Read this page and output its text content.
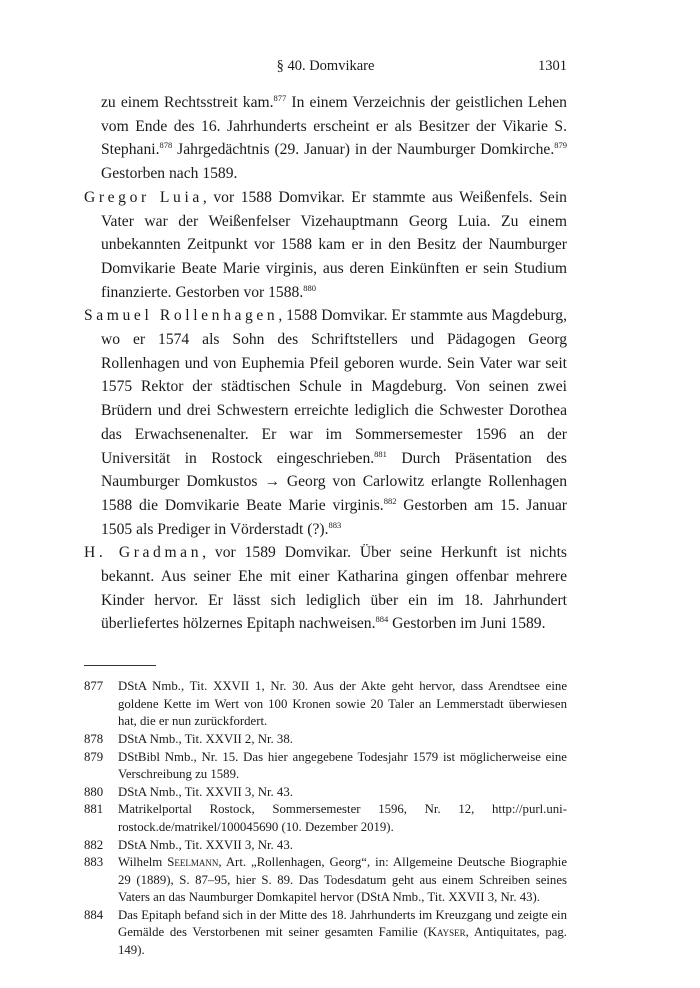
§ 40. Domvikare	1301

zu einem Rechtsstreit kam.$^{877}$ In einem Verzeichnis der geistlichen Lehen vom Ende des 16. Jahrhunderts erscheint er als Besitzer der Vikarie S. Stephani.$^{878}$ Jahrgedächtnis (29. Januar) in der Naumburger Domkirche.$^{879}$ Gestorben nach 1589.

Gregor Luia, vor 1588 Domvikar. Er stammte aus Weißenfels. Sein Vater war der Weißenfelser Vizehauptmann Georg Luia. Zu einem unbekannten Zeitpunkt vor 1588 kam er in den Besitz der Naumburger Domvikarie Beate Marie virginis, aus deren Einkünften er sein Studium finanzierte. Gestorben vor 1588.$^{880}$

Samuel Rollenhagen, 1588 Domvikar. Er stammte aus Magdeburg, wo er 1574 als Sohn des Schriftstellers und Pädagogen Georg Rollenhagen und von Euphemia Pfeil geboren wurde. Sein Vater war seit 1575 Rektor der städtischen Schule in Magdeburg. Von seinen zwei Brüdern und drei Schwestern erreichte lediglich die Schwester Dorothea das Erwachsenenalter. Er war im Sommersemester 1596 an der Universität in Rostock eingeschrieben.$^{881}$ Durch Präsentation des Naumburger Domkustos → Georg von Carlowitz erlangte Rollenhagen 1588 die Domvikarie Beate Marie virginis.$^{882}$ Gestorben am 15. Januar 1505 als Prediger in Vörderstadt (?).$^{883}$

H. Gradman, vor 1589 Domvikar. Über seine Herkunft ist nichts bekannt. Aus seiner Ehe mit einer Katharina gingen offenbar mehrere Kinder hervor. Er lässt sich lediglich über ein im 18. Jahrhundert überliefertes hölzernes Epitaph nachweisen.$^{884}$ Gestorben im Juni 1589.

877 DStA Nmb., Tit. XXVII 1, Nr. 30. Aus der Akte geht hervor, dass Arendtsee eine goldene Kette im Wert von 100 Kronen sowie 20 Taler an Lemmerstadt überwiesen hat, die er nun zurückfordert.

878 DStA Nmb., Tit. XXVII 2, Nr. 38.

879 DStBibl Nmb., Nr. 15. Das hier angegebene Todesjahr 1579 ist möglicherweise eine Verschreibung zu 1589.

880 DStA Nmb., Tit. XXVII 3, Nr. 43.

881 Matrikelportal Rostock, Sommersemester 1596, Nr. 12, http://purl.uni-rostock.de/matrikel/100045690 (10. Dezember 2019).

882 DStA Nmb., Tit. XXVII 3, Nr. 43.

883 Wilhelm Seelmann, Art. „Rollenhagen, Georg“, in: Allgemeine Deutsche Biographie 29 (1889), S. 87–95, hier S. 89. Das Todesdatum geht aus einem Schreiben seines Vaters an das Naumburger Domkapitel hervor (DStA Nmb., Tit. XXVII 3, Nr. 43).

884 Das Epitaph befand sich in der Mitte des 18. Jahrhunderts im Kreuzgang und zeigte ein Gemälde des Verstorbenen mit seiner gesamten Familie (Kayser, Antiquitates, pag. 149).
